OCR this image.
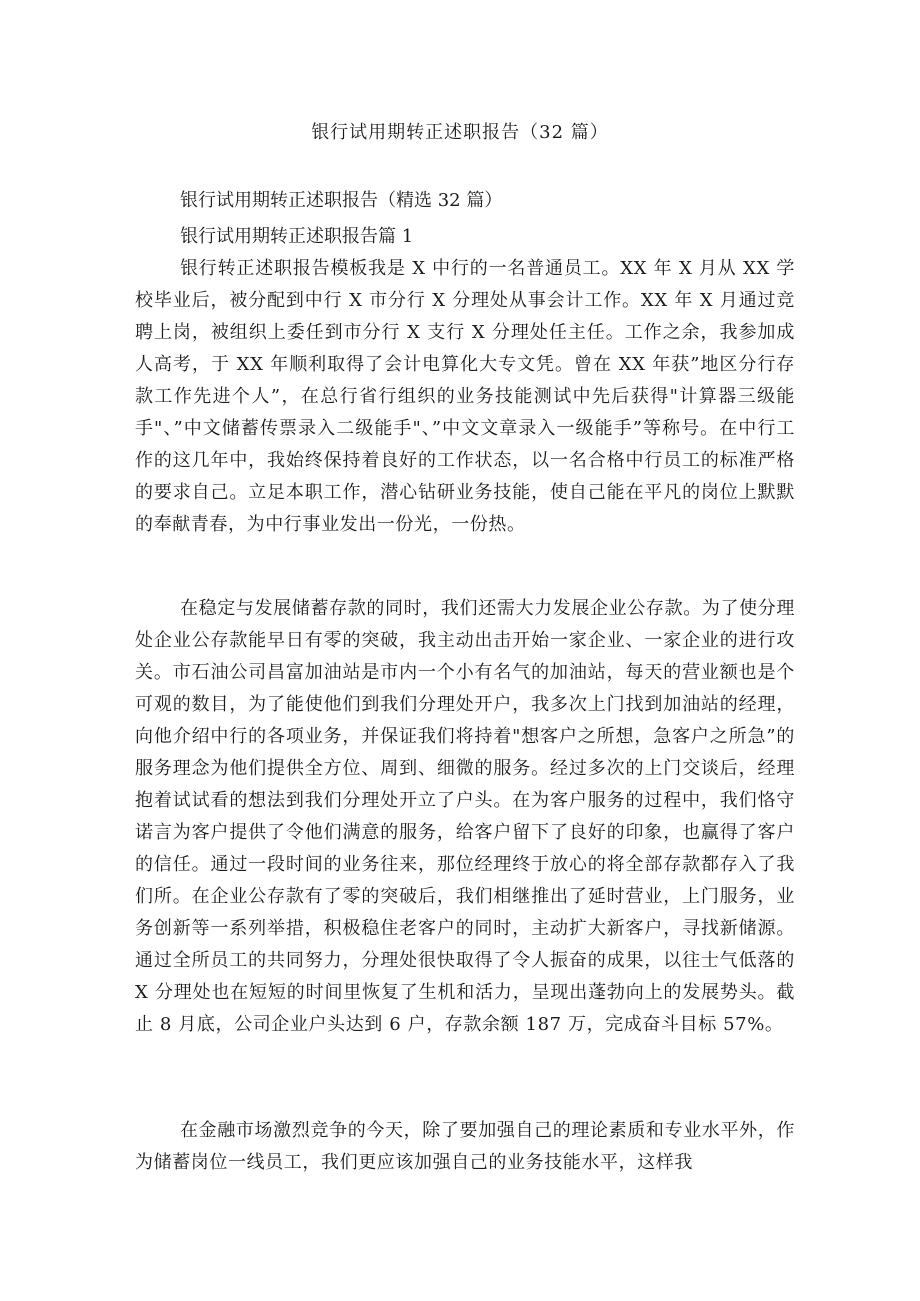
银行试用期转正述职报告（32 篇）

银行试用期转正述职报告（精选 32 篇）

银行试用期转正述职报告篇 1

银行转正述职报告模板我是 X 中行的一名普通员工。XX 年 X 月从 XX 学校毕业后，被分配到中行 X 市分行 X 分理处从事会计工作。XX 年 X 月通过竞聘上岗，被组织上委任到市分行 X 支行 X 分理处任主任。工作之余，我参加成人高考，于 XX 年顺利取得了会计电算化大专文凭。曾在 XX 年获”地区分行存款工作先进个人”，在总行省行组织的业务技能测试中先后获得"计算器三级能手"、”中文储蓄传票录入二级能手"、”中文文章录入一级能手”等称号。在中行工作的这几年中，我始终保持着良好的工作状态，以一名合格中行员工的标准严格的要求自己。立足本职工作，潜心钻研业务技能，使自己能在平凡的岗位上默默的奉献青春，为中行事业发出一份光，一份热。

在稳定与发展储蓄存款的同时，我们还需大力发展企业公存款。为了使分理处企业公存款能早日有零的突破，我主动出击开始一家企业、一家企业的进行攻关。市石油公司昌富加油站是市内一个小有名气的加油站，每天的营业额也是个可观的数目，为了能使他们到我们分理处开户，我多次上门找到加油站的经理，向他介绍中行的各项业务，并保证我们将持着"想客户之所想，急客户之所急”的服务理念为他们提供全方位、周到、细微的服务。经过多次的上门交谈后，经理抱着试试看的想法到我们分理处开立了户头。在为客户服务的过程中，我们恪守诺言为客户提供了令他们满意的服务，给客户留下了良好的印象，也赢得了客户的信任。通过一段时间的业务往来，那位经理终于放心的将全部存款都存入了我们所。在企业公存款有了零的突破后，我们相继推出了延时营业，上门服务，业务创新等一系列举措，积极稳住老客户的同时，主动扩大新客户，寻找新储源。通过全所员工的共同努力，分理处很快取得了令人振奋的成果，以往士气低落的 X 分理处也在短短的时间里恢复了生机和活力，呈现出蓬勃向上的发展势头。截止 8 月底，公司企业户头达到 6 户，存款余额 187 万，完成奋斗目标 57%。

在金融市场激烈竞争的今天，除了要加强自己的理论素质和专业水平外，作为储蓄岗位一线员工，我们更应该加强自己的业务技能水平，这样我
